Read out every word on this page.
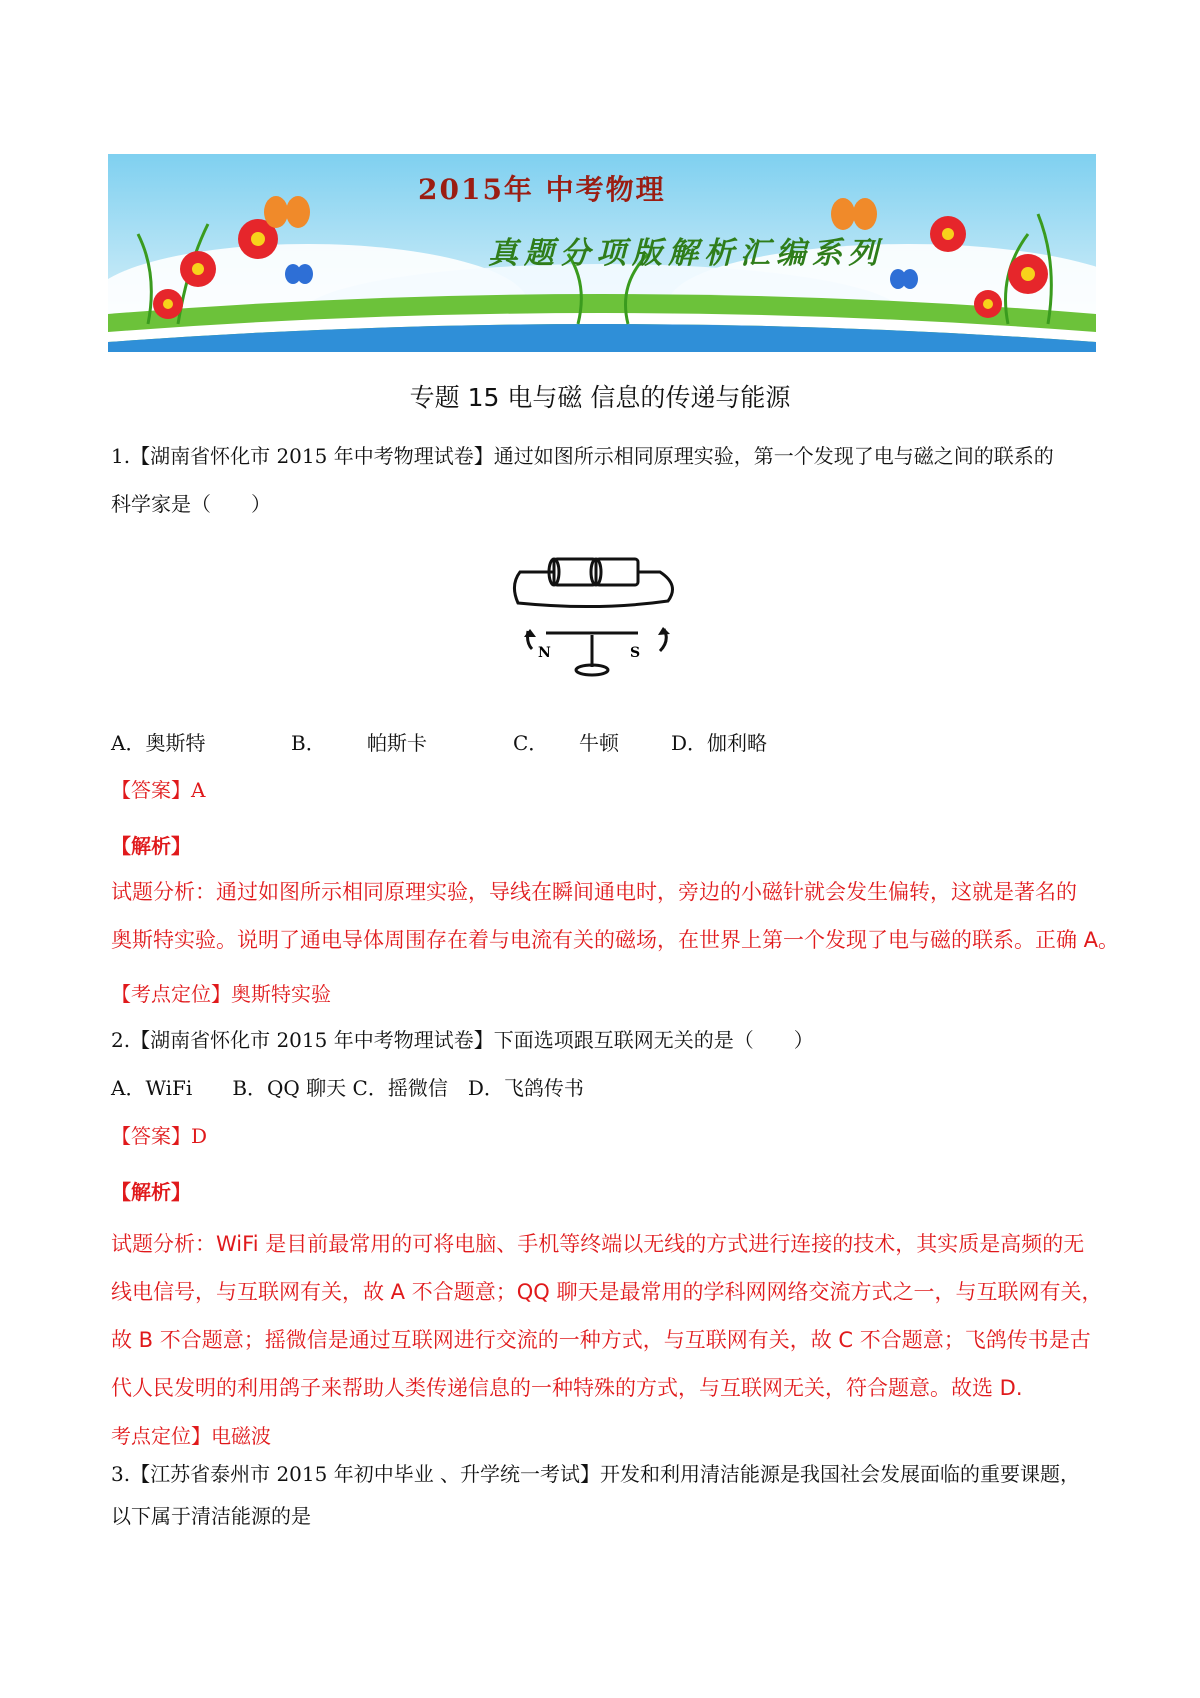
2015年 中考物理
真题分项版解析汇编系列
专题 15 电与磁 信息的传递与能源
1.【湖南省怀化市 2015 年中考物理试卷】通过如图所示相同原理实验，第一个发现了电与磁之间的联系的
科学家是（　　）
N	S
A．奥斯特	B． 帕斯卡	C． 牛顿	D．伽利略
【答案】A
【解析】
试题分析：通过如图所示相同原理实验，导线在瞬间通电时，旁边的小磁针就会发生偏转，这就是著名的
奥斯特实验。说明了通电导体周围存在着与电流有关的磁场，在世界上第一个发现了电与磁的联系。正确 A。
【考点定位】奥斯特实验
2.【湖南省怀化市 2015 年中考物理试卷】下面选项跟互联网无关的是（　　）
A．WiFi　　B．QQ 聊天 C．摇微信　D．飞鸽传书
【答案】D
【解析】
试题分析：WiFi 是目前最常用的可将电脑、手机等终端以无线的方式进行连接的技术，其实质是高频的无
线电信号，与互联网有关，故 A 不合题意；QQ 聊天是最常用的学科网网络交流方式之一，与互联网有关，
故 B 不合题意；摇微信是通过互联网进行交流的一种方式，与互联网有关，故 C 不合题意；飞鸽传书是古
代人民发明的利用鸽子来帮助人类传递信息的一种特殊的方式，与互联网无关，符合题意。故选 D.
考点定位】电磁波
3.【江苏省泰州市 2015 年初中毕业 、升学统一考试】开发和利用清洁能源是我国社会发展面临的重要课题，
以下属于清洁能源的是
